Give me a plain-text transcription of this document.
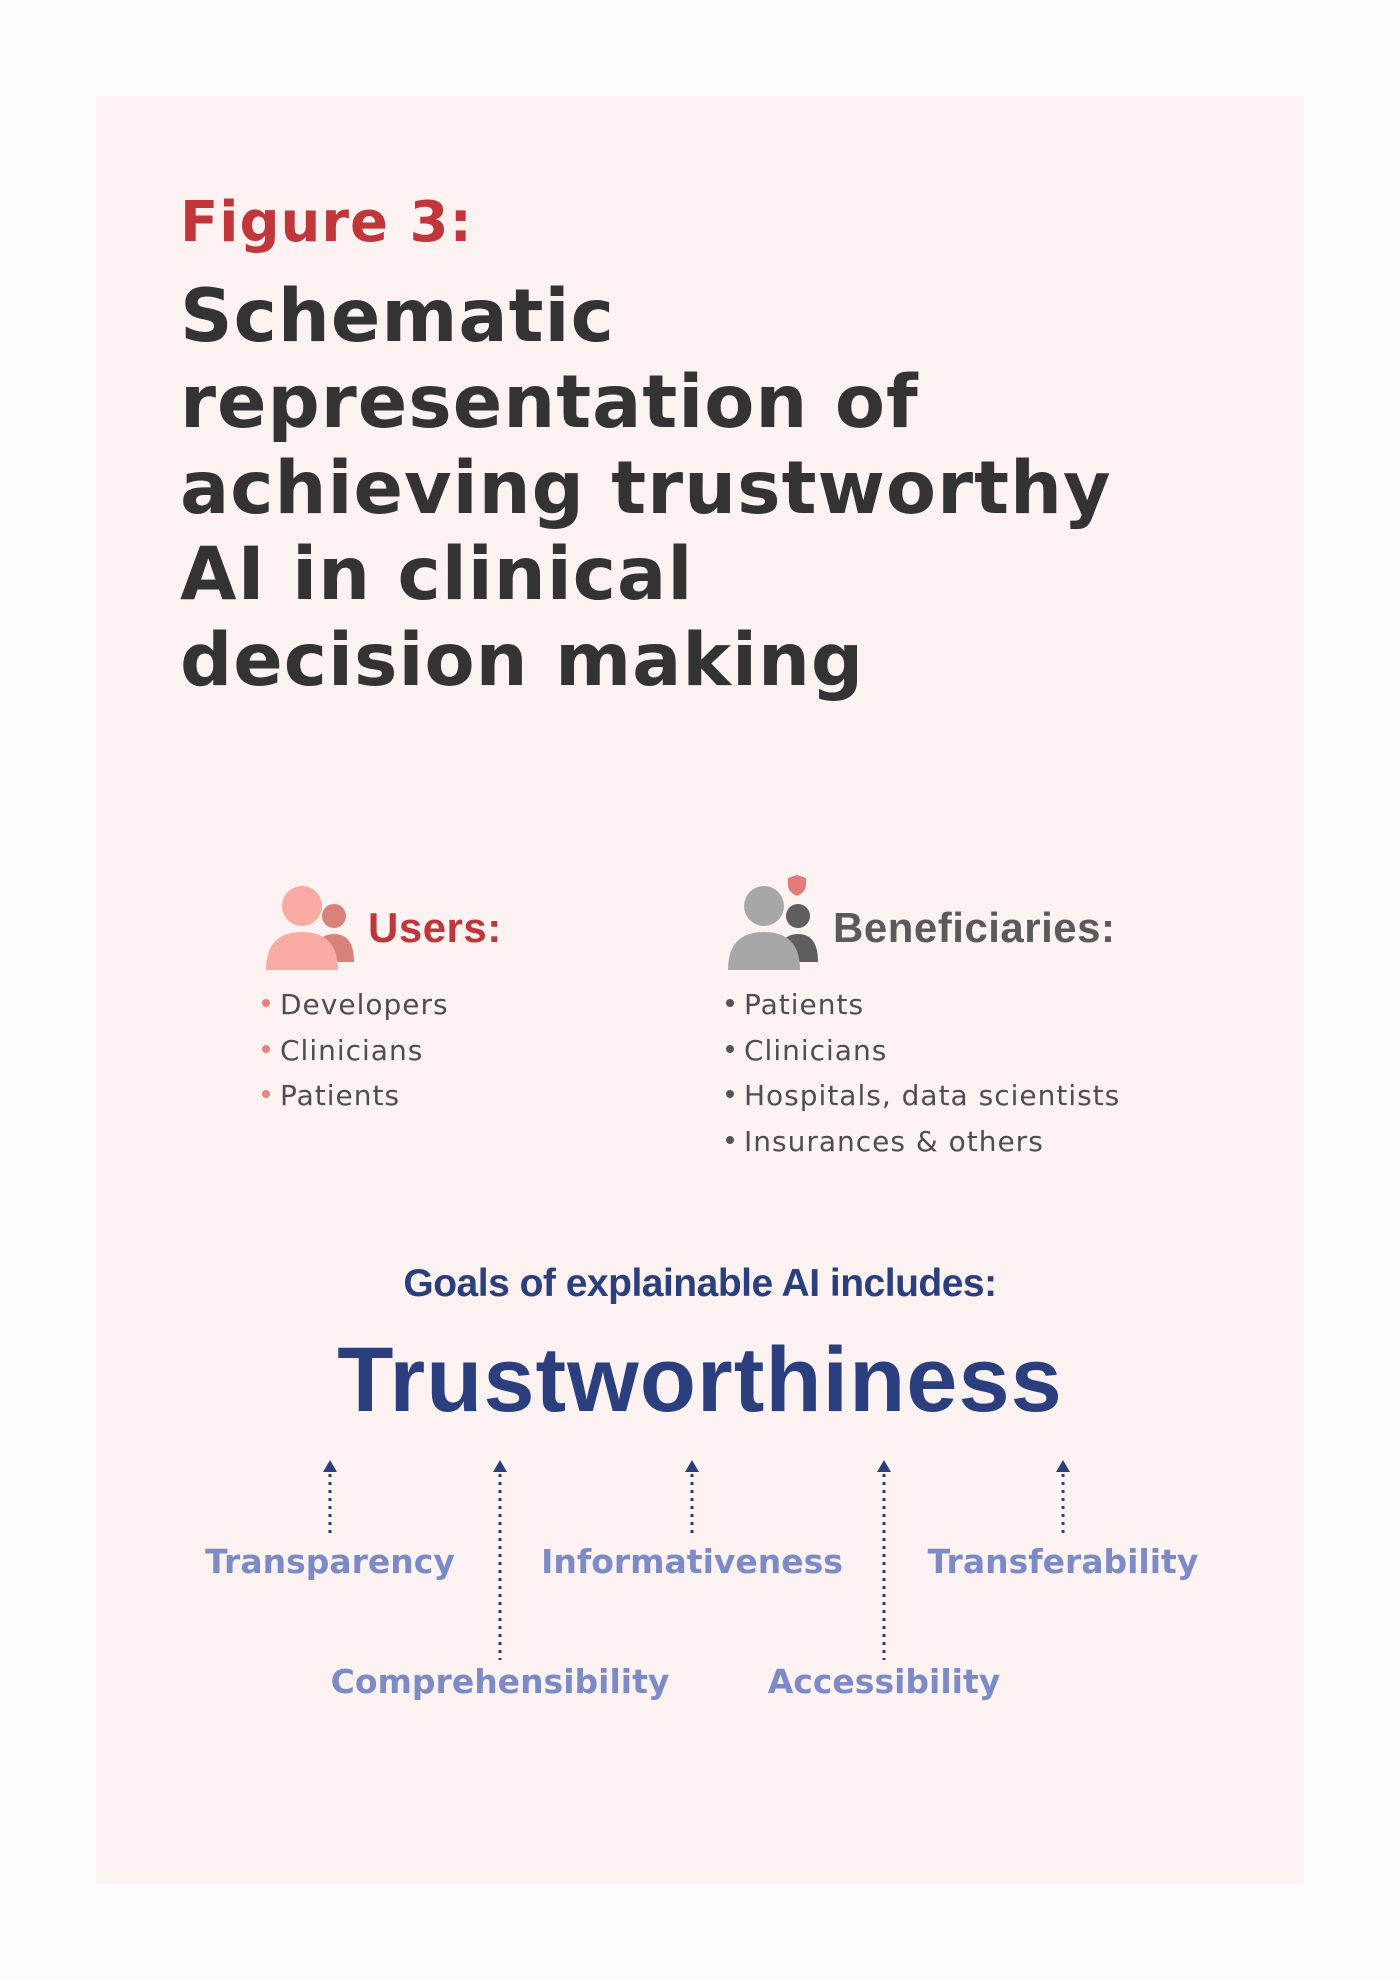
Figure 3:
Schematic
representation of
achieving trustworthy
AI in clinical
decision making
Users:
Developers
Clinicians
Patients
Beneficiaries:
Patients
Clinicians
Hospitals, data scientists
Insurances & others
Goals of explainable AI includes:
Trustworthiness
Transparency
Comprehensibility
Informativeness
Accessibility
Transferability
